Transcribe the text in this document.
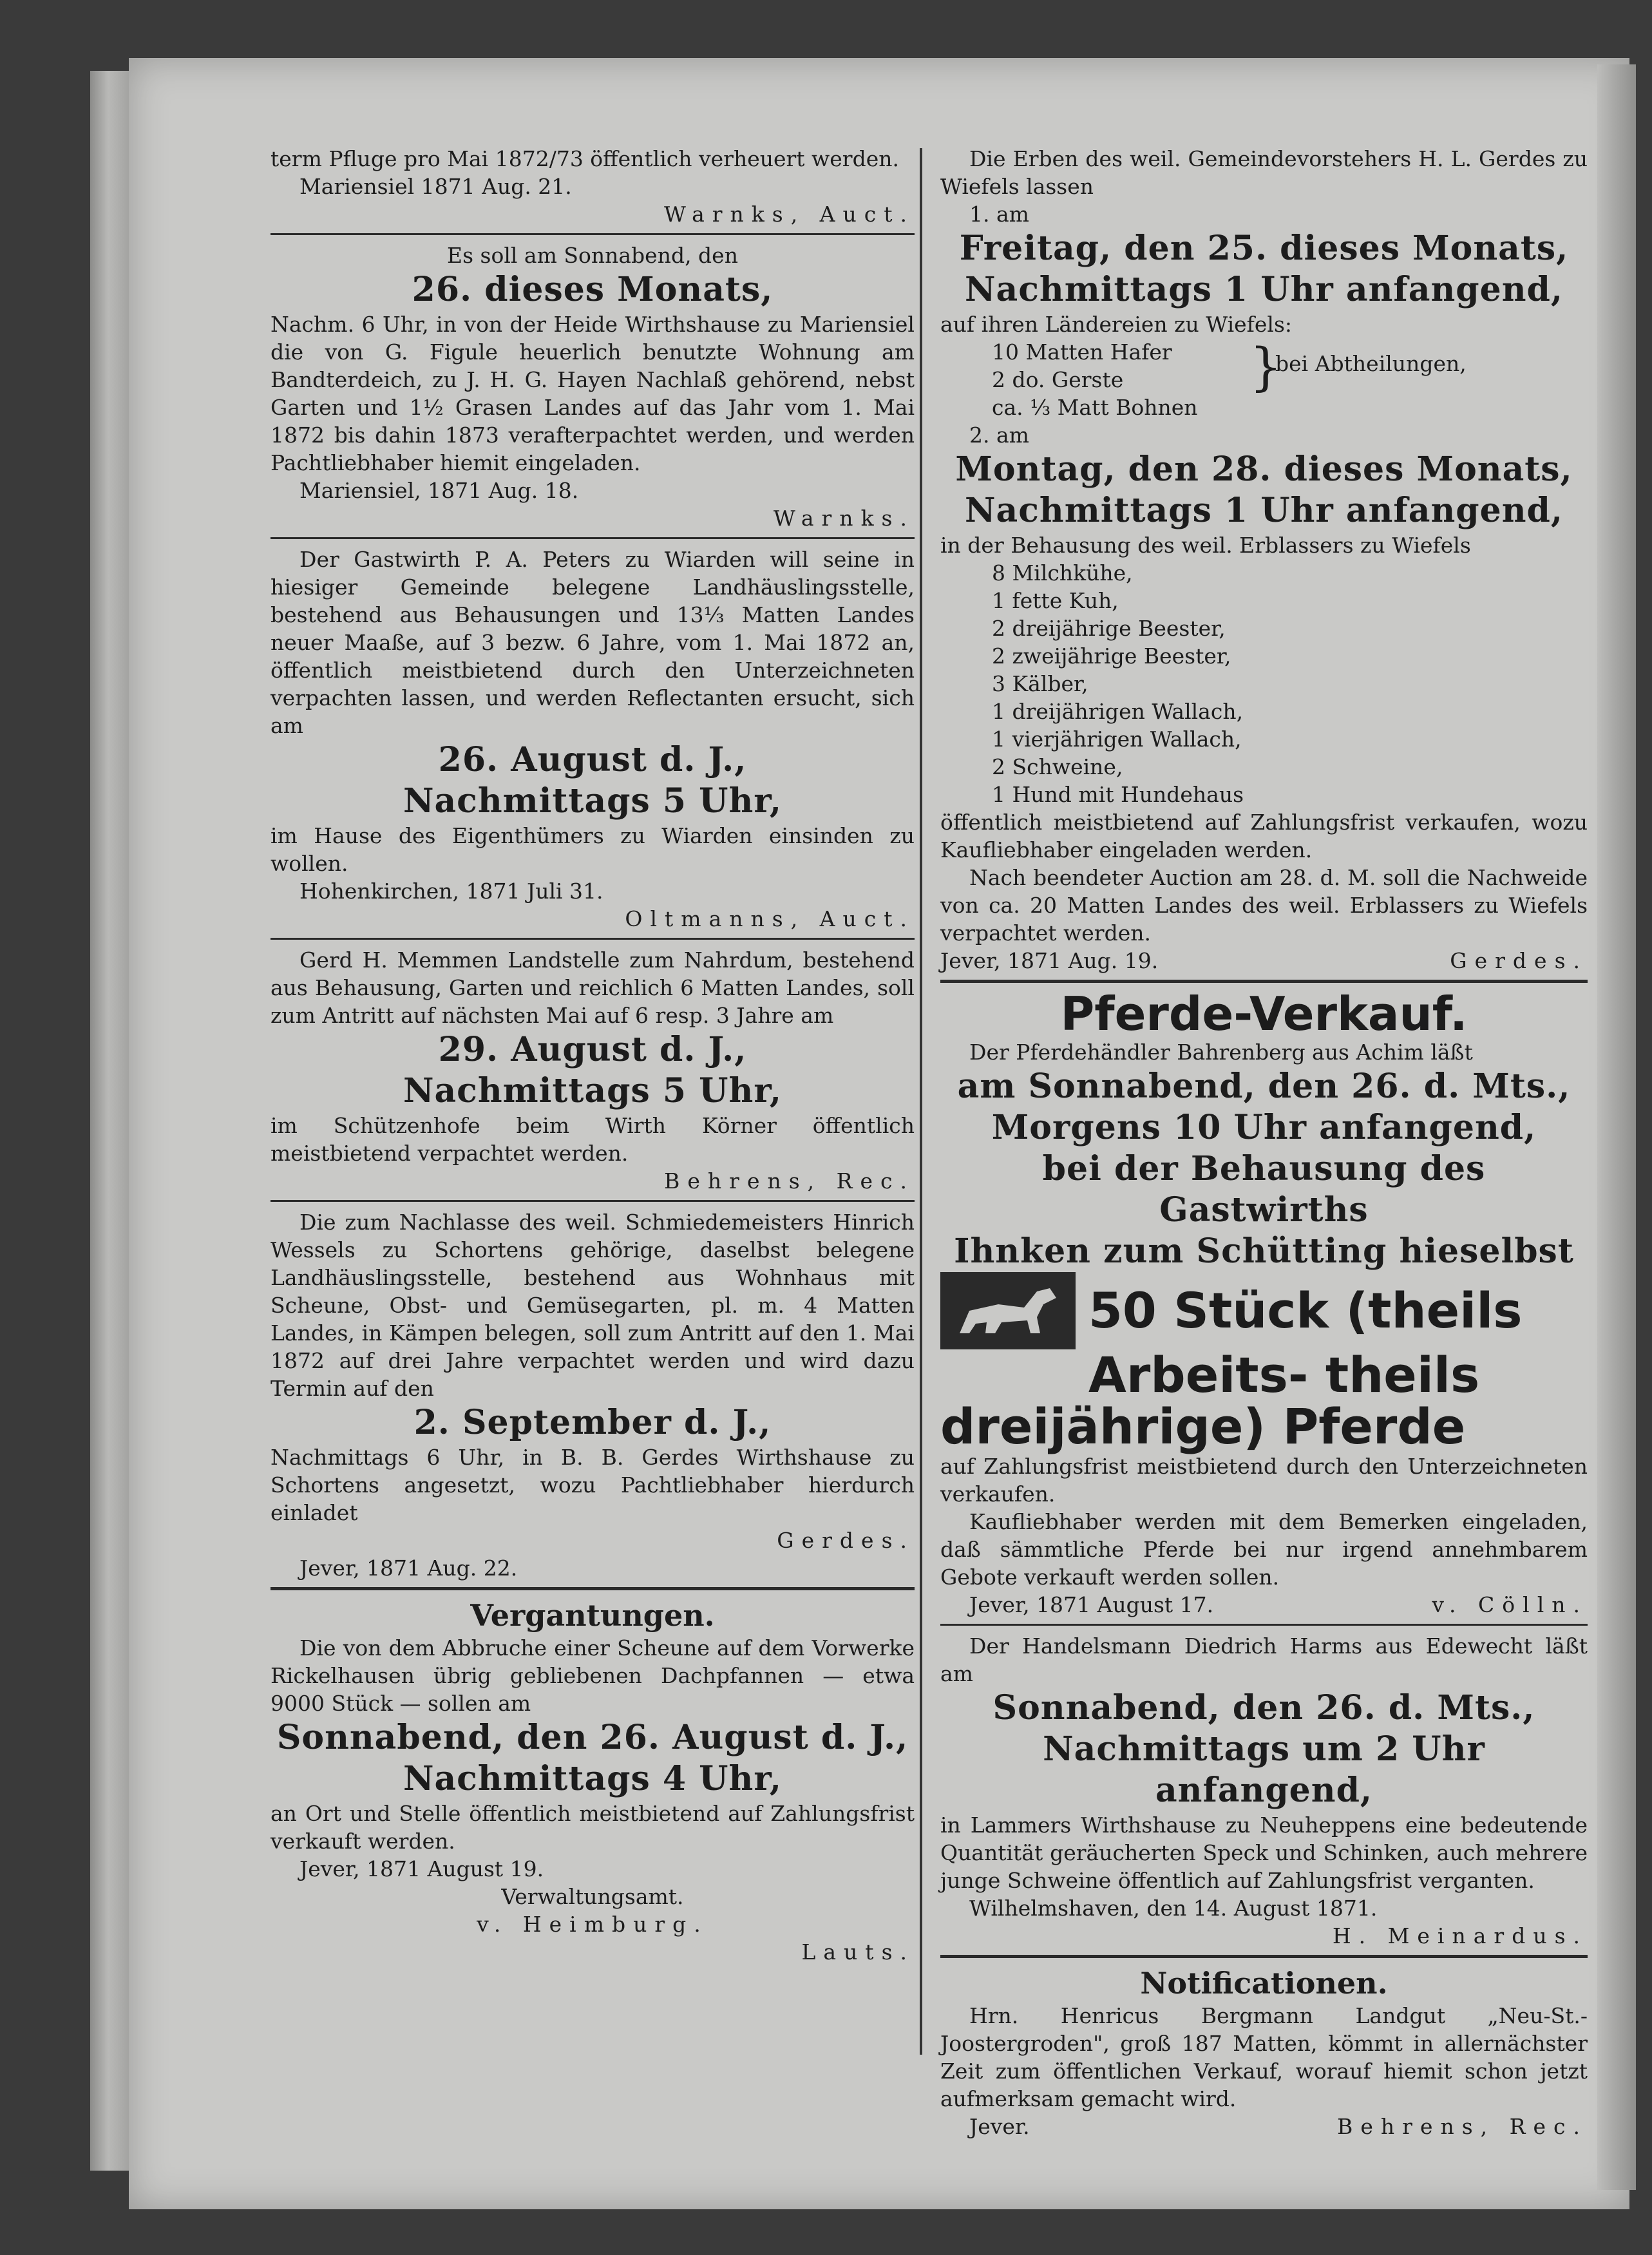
term Pfluge pro Mai 1872/73 öffentlich verheuert werden.

Mariensiel 1871 Aug. 21.

Warnks, Auct.

Es soll am Sonnabend, den

26. dieses Monats,

Nachm. 6 Uhr, in von der Heide Wirthshause zu Mariensiel die von G. Figule heuerlich benutzte Wohnung am Bandterdeich, zu J. H. G. Hayen Nachlaß gehörend, nebst Garten und 1½ Grasen Landes auf das Jahr vom 1. Mai 1872 bis dahin 1873 verafterpachtet werden, und werden Pachtliebhaber hiemit eingeladen.

Mariensiel, 1871 Aug. 18.

Warnks.

Der Gastwirth P. A. Peters zu Wiarden will seine in hiesiger Gemeinde belegene Landhäuslingsstelle, bestehend aus Behausungen und 13⅓ Matten Landes neuer Maaße, auf 3 bezw. 6 Jahre, vom 1. Mai 1872 an, öffentlich meistbietend durch den Unterzeichneten verpachten lassen, und werden Reflectanten ersucht, sich am

26. August d. J.,

Nachmittags 5 Uhr,

im Hause des Eigenthümers zu Wiarden einsinden zu wollen.

Hohenkirchen, 1871 Juli 31.

Oltmanns, Auct.

Gerd H. Memmen Landstelle zum Nahrdum, bestehend aus Behausung, Garten und reichlich 6 Matten Landes, soll zum Antritt auf nächsten Mai auf 6 resp. 3 Jahre am

29. August d. J.,

Nachmittags 5 Uhr,

im Schützenhofe beim Wirth Körner öffentlich meistbietend verpachtet werden.

Behrens, Rec.

Die zum Nachlasse des weil. Schmiedemeisters Hinrich Wessels zu Schortens gehörige, daselbst belegene Landhäuslingsstelle, bestehend aus Wohnhaus mit Scheune, Obst- und Gemüsegarten, pl. m. 4 Matten Landes, in Kämpen belegen, soll zum Antritt auf den 1. Mai 1872 auf drei Jahre verpachtet werden und wird dazu Termin auf den

2. September d. J.,

Nachmittags 6 Uhr, in B. B. Gerdes Wirthshause zu Schortens angesetzt, wozu Pachtliebhaber hierdurch einladet

Gerdes.

Jever, 1871 Aug. 22.

Vergantungen.

Die von dem Abbruche einer Scheune auf dem Vorwerke Rickelhausen übrig gebliebenen Dachpfannen — etwa 9000 Stück — sollen am

Sonnabend, den 26. August d. J.,

Nachmittags 4 Uhr,

an Ort und Stelle öffentlich meistbietend auf Zahlungsfrist verkauft werden.

Jever, 1871 August 19.

Verwaltungsamt.

v. Heimburg.

Lauts.

Die Erben des weil. Gemeindevorstehers H. L. Gerdes zu Wiefels lassen

1. am

Freitag, den 25. dieses Monats,

Nachmittags 1 Uhr anfangend,

auf ihren Ländereien zu Wiefels:

10 Matten Hafer

2 do. Gerste

ca. ⅓ Matt Bohnen

}
bei Abtheilungen,

2. am

Montag, den 28. dieses Monats,

Nachmittags 1 Uhr anfangend,

in der Behausung des weil. Erblassers zu Wiefels

8 Milchkühe,

1 fette Kuh,

2 dreijährige Beester,

2 zweijährige Beester,

3 Kälber,

1 dreijährigen Wallach,

1 vierjährigen Wallach,

2 Schweine,

1 Hund mit Hundehaus

öffentlich meistbietend auf Zahlungsfrist verkaufen, wozu Kaufliebhaber eingeladen werden.

Nach beendeter Auction am 28. d. M. soll die Nachweide von ca. 20 Matten Landes des weil. Erblassers zu Wiefels verpachtet werden.

Jever, 1871 Aug. 19.	Gerdes.

Pferde-Verkauf.

Der Pferdehändler Bahrenberg aus Achim läßt

am Sonnabend, den 26. d. Mts.,

Morgens 10 Uhr anfangend,

bei der Behausung des Gastwirths

Ihnken zum Schütting hieselbst

50 Stück (theils

Arbeits- theils

dreijährige) Pferde

auf Zahlungsfrist meistbietend durch den Unterzeichneten verkaufen.

Kaufliebhaber werden mit dem Bemerken eingeladen, daß sämmtliche Pferde bei nur irgend annehmbarem Gebote verkauft werden sollen.

Jever, 1871 August 17.	v. Cölln.

Der Handelsmann Diedrich Harms aus Edewecht läßt am

Sonnabend, den 26. d. Mts.,

Nachmittags um 2 Uhr anfangend,

in Lammers Wirthshause zu Neuheppens eine bedeutende Quantität geräucherten Speck und Schinken, auch mehrere junge Schweine öffentlich auf Zahlungsfrist verganten.

Wilhelmshaven, den 14. August 1871.

H. Meinardus.

Notificationen.

Hrn. Henricus Bergmann Landgut „Neu-St.-Joostergroden", groß 187 Matten, kömmt in allernächster Zeit zum öffentlichen Verkauf, worauf hiemit schon jetzt aufmerksam gemacht wird.

Jever.	Behrens, Rec.
